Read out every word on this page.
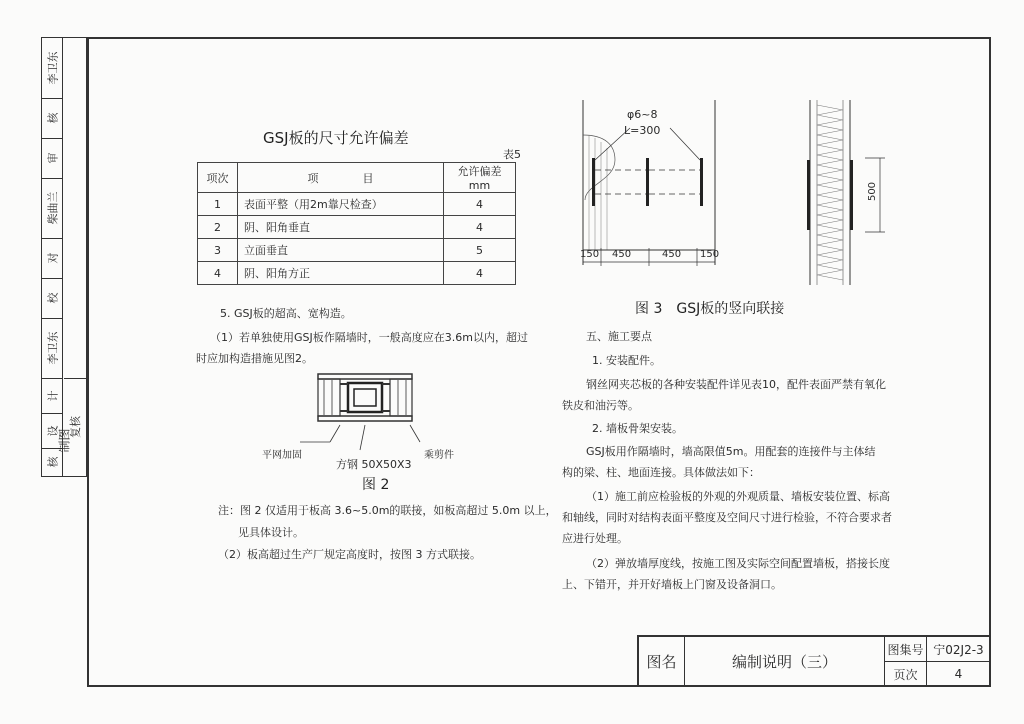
李卫东
核
审
柴曲兰
对
校
李卫东
计
设
核
复核
制图
GSJ板的尺寸允许偏差
表5
项次	项　　　　目	允许偏差mm
1	表面平整（用2m靠尺检查）	4
2	阴、阳角垂直	4
3	立面垂直	5
4	阴、阳角方正	4
5. GSJ板的超高、宽构造。
（1）若单独使用GSJ板作隔墙时，一般高度应在3.6m以内，超过
时应加构造措施见图2。
平网加固
方钢 50X50X3
乘剪件
图 2
注：图 2 仅适用于板高 3.6~5.0m的联接，如板高超过 5.0m 以上，
见具体设计。
（2）板高超过生产厂规定高度时，按图 3 方式联接。
φ6~8
L=300
150 450	450 150
500
图 3　GSJ板的竖向联接
五、施工要点
1. 安装配件。
钢丝网夹芯板的各种安装配件详见表10，配件表面严禁有氧化
铁皮和油污等。
2. 墙板骨架安装。
GSJ板用作隔墙时，墙高限值5m。用配套的连接件与主体结
构的梁、柱、地面连接。具体做法如下：
（1）施工前应检验板的外观的外观质量、墙板安装位置、标高
和轴线，同时对结构表面平整度及空间尺寸进行检验，不符合要求者
应进行处理。
（2）弹放墙厚度线，按施工图及实际空间配置墙板，搭接长度
上、下错开，并开好墙板上门窗及设备洞口。
图名	编制说明（三）
图集号 宁02J2-3
页次	4
